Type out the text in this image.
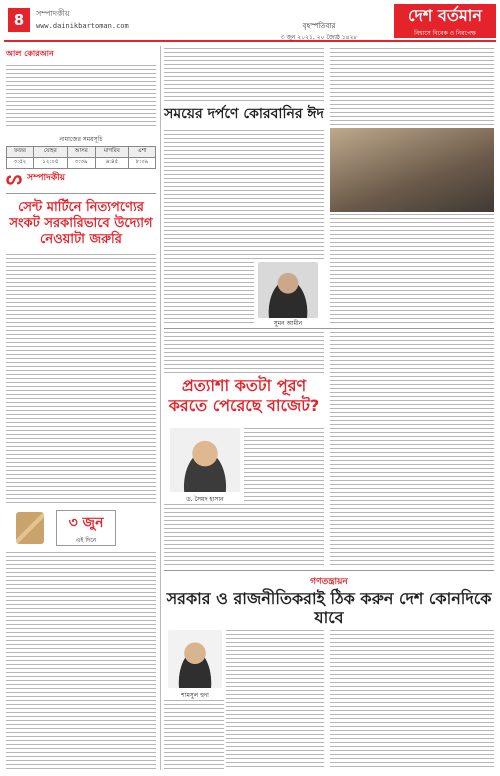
8	সম্পাদকীয়
www.dainikbartoman.com	বৃহস্পতিবার
৩ জুন ২০২১, ২০ জ্যৈষ্ঠ ১৪২৮
দেশ বর্তমান
বিশ্বাসে বিবেক ও নিরপেক্ষ
আল কোরআন
নামাজের সময়সূচি
ফজর	যোহর	আসর	মাগরিব	এশা
৩:৫২	১২:০৫	৩:৩৯	৬:৪৫	৮:০৯
ᔕ $^{সম্পাদকীয়}$
সেন্ট মার্টিনে নিত্যপণ্যের সংকট সরকারিভাবে উদ্যোগ নেওয়াটা জরুরি
৩ জুন
এই দিনে
সময়ের দর্পণে কোরবানির ঈদ
সুমন আমীন
প্রত্যাশা কতটা পূরণ করতে পেরেছে বাজেট?
ড. সৈয়দ হাসান
গণতন্ত্রায়ন
সরকার ও রাজনীতিকরাই ঠিক করুন দেশ কোনদিকে যাবে
শামসুল হুদা
